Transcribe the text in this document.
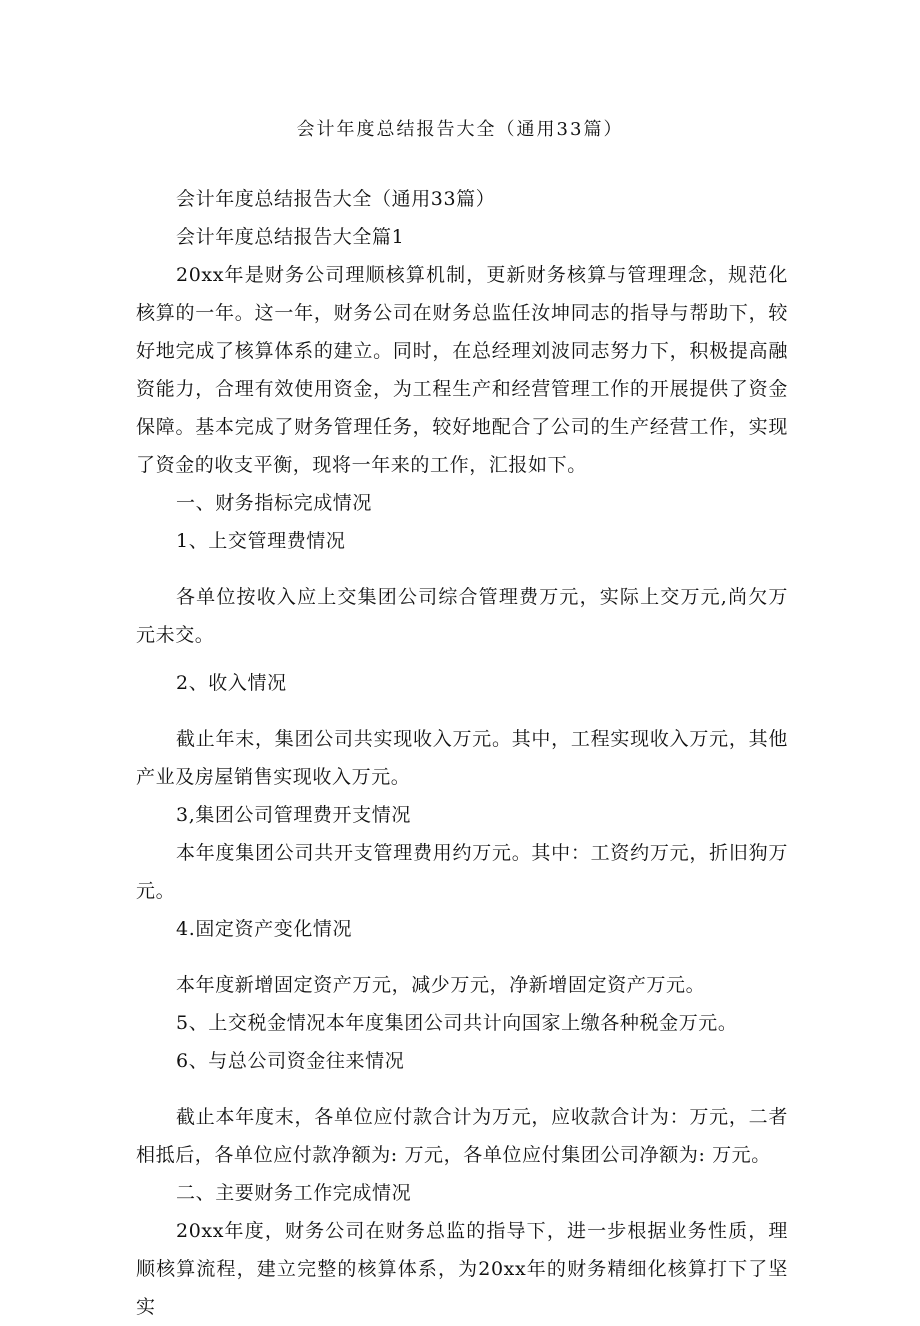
会计年度总结报告大全（通用33篇）

会计年度总结报告大全（通用33篇）

会计年度总结报告大全篇1

20xx年是财务公司理顺核算机制，更新财务核算与管理理念，规范化核算的一年。这一年，财务公司在财务总监任汝坤同志的指导与帮助下，较好地完成了核算体系的建立。同时，在总经理刘波同志努力下，积极提高融资能力，合理有效使用资金，为工程生产和经营管理工作的开展提供了资金保障。基本完成了财务管理任务，较好地配合了公司的生产经营工作，实现了资金的收支平衡，现将一年来的工作，汇报如下。

一、财务指标完成情况

1、上交管理费情况

各单位按收入应上交集团公司综合管理费万元，实际上交万元,尚欠万元未交。

2、收入情况

截止年末，集团公司共实现收入万元。其中，工程实现收入万元，其他产业及房屋销售实现收入万元。

3,集团公司管理费开支情况

本年度集团公司共开支管理费用约万元。其中：工资约万元，折旧狗万元。

4.固定资产变化情况

本年度新增固定资产万元，减少万元，净新增固定资产万元。

5、上交税金情况本年度集团公司共计向国家上缴各种税金万元。

6、与总公司资金往来情况

截止本年度末，各单位应付款合计为万元，应收款合计为：万元，二者相抵后，各单位应付款净额为: 万元，各单位应付集团公司净额为: 万元。

二、主要财务工作完成情况

20xx年度，财务公司在财务总监的指导下，进一步根据业务性质，理顺核算流程，建立完整的核算体系，为20xx年的财务精细化核算打下了坚实
